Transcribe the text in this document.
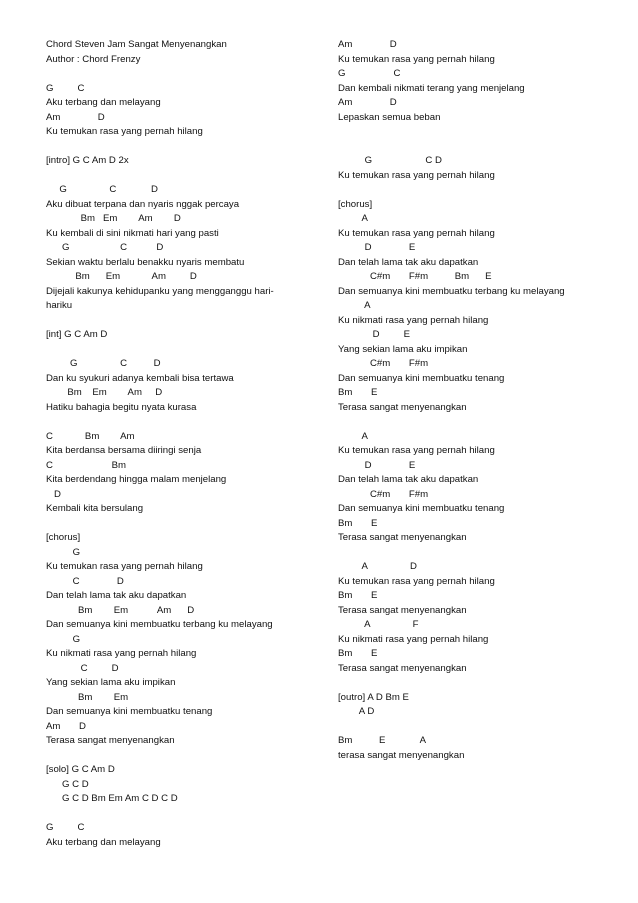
Chord Steven Jam Sangat Menyenangkan
Author : Chord Frenzy
G         C
Aku terbang dan melayang
Am              D
Ku temukan rasa yang pernah hilang
[intro] G C Am D 2x
G                C             D
Aku dibuat terpana dan nyaris nggak percaya
Bm   Em        Am        D
Ku kembali di sini nikmati hari yang pasti
G                   C           D
Sekian waktu berlalu benakku nyaris membatu
Bm      Em            Am         D
Dijejali kakunya kehidupanku yang mengganggu hari-
hariku
[int] G C Am D
G                C          D
Dan ku syukuri adanya kembali bisa tertawa
Bm    Em        Am     D
Hatiku bahagia begitu nyata kurasa
C            Bm        Am
Kita berdansa bersama diiringi senja
C                      Bm
Kita berdendang hingga malam menjelang
D
Kembali kita bersulang
[chorus]
G
Ku temukan rasa yang pernah hilang
C              D
Dan telah lama tak aku dapatkan
Bm        Em           Am      D
Dan semuanya kini membuatku terbang ku melayang
G
Ku nikmati rasa yang pernah hilang
C         D
Yang sekian lama aku impikan
Bm        Em
Dan semuanya kini membuatku tenang
Am       D
Terasa sangat menyenangkan
[solo] G C Am D
G C D
G C D Bm Em Am C D C D
G         C
Aku terbang dan melayang
Am              D
Ku temukan rasa yang pernah hilang
G                  C
Dan kembali nikmati terang yang menjelang
Am              D
Lepaskan semua beban
G                    C D
Ku temukan rasa yang pernah hilang
[chorus]
A
Ku temukan rasa yang pernah hilang
D              E
Dan telah lama tak aku dapatkan
C#m       F#m          Bm      E
Dan semuanya kini membuatku terbang ku melayang
A
Ku nikmati rasa yang pernah hilang
D         E
Yang sekian lama aku impikan
C#m       F#m
Dan semuanya kini membuatku tenang
Bm       E
Terasa sangat menyenangkan
A
Ku temukan rasa yang pernah hilang
D              E
Dan telah lama tak aku dapatkan
C#m       F#m
Dan semuanya kini membuatku tenang
Bm       E
Terasa sangat menyenangkan
A                D
Ku temukan rasa yang pernah hilang
Bm       E
Terasa sangat menyenangkan
A                F
Ku nikmati rasa yang pernah hilang
Bm       E
Terasa sangat menyenangkan
[outro] A D Bm E
A D
Bm          E             A
terasa sangat menyenangkan
